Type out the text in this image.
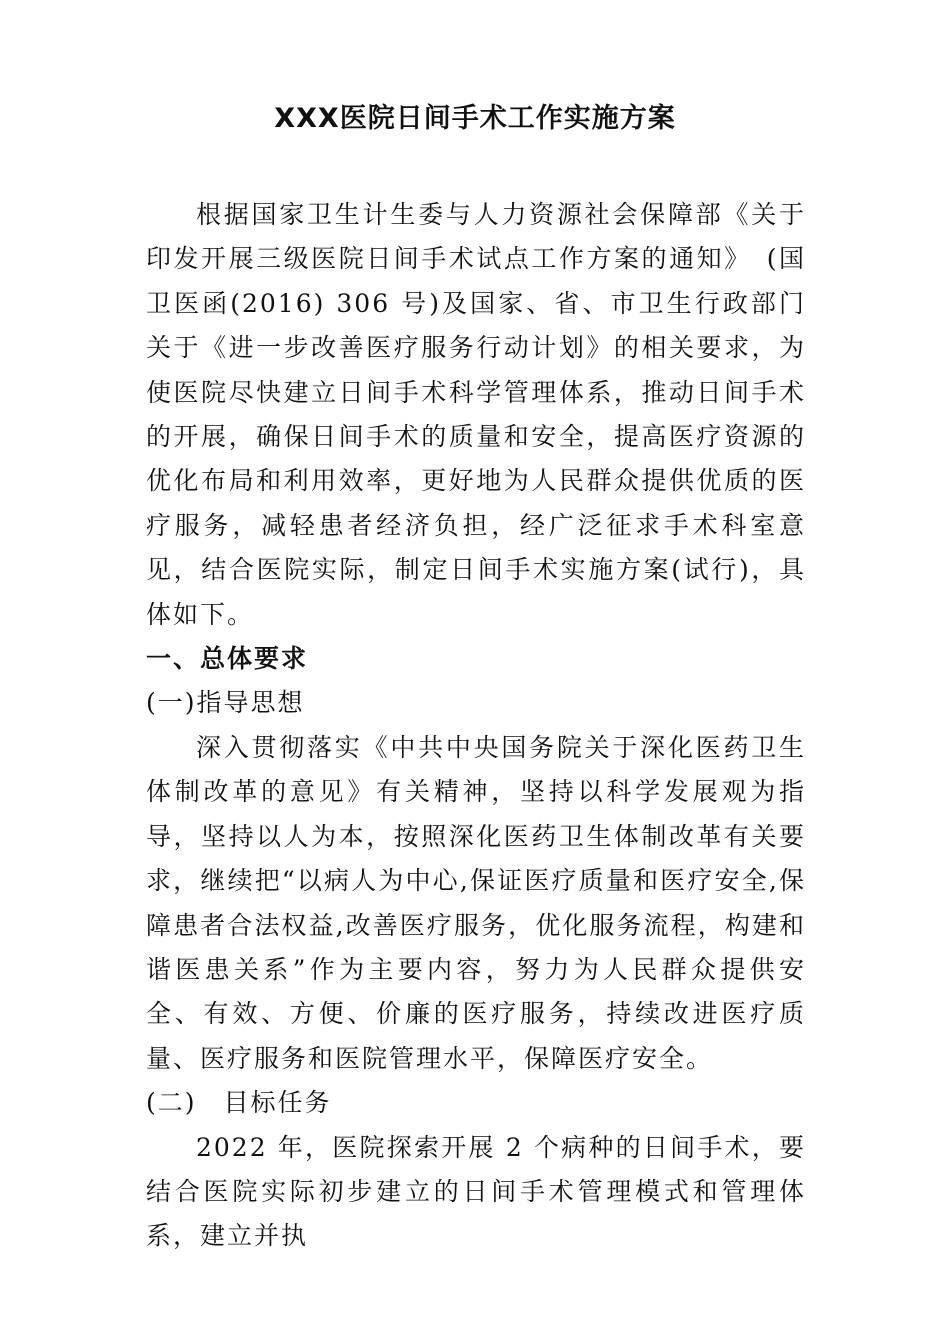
XXX医院日间手术工作实施方案

根据国家卫生计生委与人力资源社会保障部《关于印发开展三级医院日间手术试点工作方案的通知》　(国卫医函(2016) 306 号)及国家、省、市卫生行政部门关于《进一步改善医疗服务行动计划》的相关要求，为使医院尽快建立日间手术科学管理体系，推动日间手术的开展，确保日间手术的质量和安全，提高医疗资源的优化布局和利用效率，更好地为人民群众提供优质的医疗服务，减轻患者经济负担，经广泛征求手术科室意见，结合医院实际，制定日间手术实施方案(试行)，具体如下。

一、总体要求

(一)指导思想

深入贯彻落实《中共中央国务院关于深化医药卫生体制改革的意见》有关精神，坚持以科学发展观为指导，坚持以人为本，按照深化医药卫生体制改革有关要求，继续把“以病人为中心,保证医疗质量和医疗安全,保障患者合法权益,改善医疗服务，优化服务流程，构建和谐医患关系”作为主要内容，努力为人民群众提供安全、有效、方便、价廉的医疗服务，持续改进医疗质量、医疗服务和医院管理水平，保障医疗安全。

(二)　目标任务

2022 年，医院探索开展 2 个病种的日间手术，要结合医院实际初步建立的日间手术管理模式和管理体系，建立并执
